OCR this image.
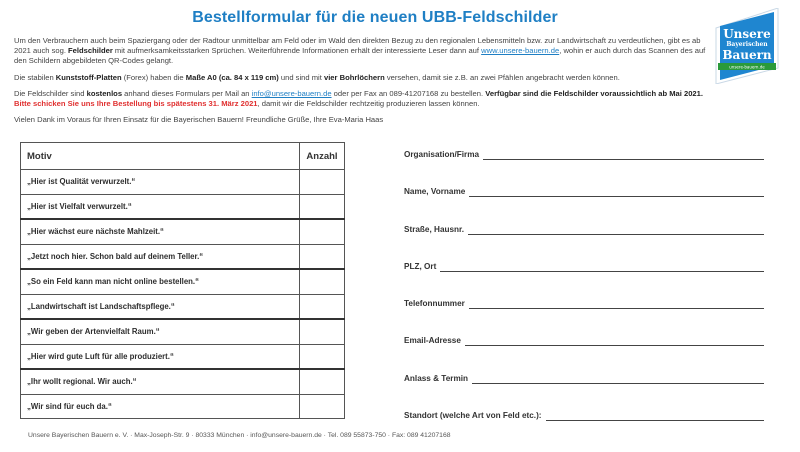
Bestellformular für die neuen UBB-Feldschilder

Um den Verbrauchern auch beim Spaziergang oder der Radtour unmittelbar am Feld oder im Wald den direkten Bezug zu den regionalen Lebensmitteln bzw. zur Landwirtschaft zu verdeutlichen, gibt es ab 2021 auch sog. Feldschilder mit aufmerksamkeitsstarken Sprüchen. Weiterführende Informationen erhält der interessierte Leser dann auf www.unsere-bauern.de, wohin er auch durch das Scannen des auf den Schildern abgebildeten QR-Codes gelangt.

Die stabilen Kunststoff-Platten (Forex) haben die Maße A0 (ca. 84 x 119 cm) und sind mit vier Bohrlöchern versehen, damit sie z.B. an zwei Pfählen angebracht werden können.

Die Feldschilder sind kostenlos anhand dieses Formulars per Mail an info@unsere-bauern.de oder per Fax an 089-41207168 zu bestellen. Verfügbar sind die Feldschilder voraussichtlich ab Mai 2021. Bitte schicken Sie uns Ihre Bestellung bis spätestens 31. März 2021, damit wir die Feldschilder rechtzeitig produzieren lassen können.

Vielen Dank im Voraus für Ihren Einsatz für die Bayerischen Bauern! Freundliche Grüße, Ihre Eva-Maria Haas

Unsere
Bayerischen
Bauern
unsere-bauern.de
Motiv	Anzahl
„Hier ist Qualität verwurzelt.“	
„Hier ist Vielfalt verwurzelt.“	
„Hier wächst eure nächste Mahlzeit.“	
„Jetzt noch hier. Schon bald auf deinem Teller.“	
„So ein Feld kann man nicht online bestellen.“	
„Landwirtschaft ist Landschaftspflege.“	
„Wir geben der Artenvielfalt Raum.“	
„Hier wird gute Luft für alle produziert.“	
„Ihr wollt regional. Wir auch.“	
„Wir sind für euch da.“	
Organisation/Firma
Name, Vorname
Straße, Hausnr.
PLZ, Ort
Telefonnummer
Email-Adresse
Anlass & Termin
Standort (welche Art von Feld etc.):
Unsere Bayerischen Bauern e. V. · Max-Joseph-Str. 9 · 80333 München · info@unsere-bauern.de · Tel. 089 55873-750 · Fax: 089 41207168
